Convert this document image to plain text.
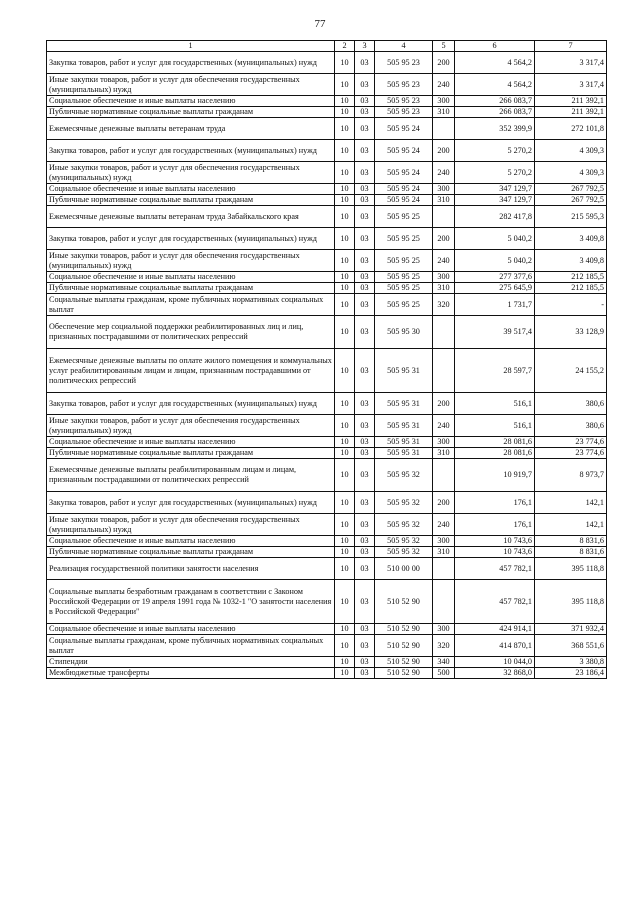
77
1	2	3	4	5	6	7
Закупка товаров, работ и услуг для государственных (муниципальных) нужд	10	03	505 95 23	200	4 564,2	3 317,4
Иные закупки товаров, работ и услуг для обеспечения государственных (муниципальных) нужд	10	03	505 95 23	240	4 564,2	3 317,4
Социальное обеспечение и иные выплаты населению	10	03	505 95 23	300	266 083,7	211 392,1
Публичные нормативные социальные выплаты гражданам	10	03	505 95 23	310	266 083,7	211 392,1
Ежемесячные денежные выплаты ветеранам труда	10	03	505 95 24		352 399,9	272 101,8
Закупка товаров, работ и услуг для государственных (муниципальных) нужд	10	03	505 95 24	200	5 270,2	4 309,3
Иные закупки товаров, работ и услуг для обеспечения государственных (муниципальных) нужд	10	03	505 95 24	240	5 270,2	4 309,3
Социальное обеспечение и иные выплаты населению	10	03	505 95 24	300	347 129,7	267 792,5
Публичные нормативные социальные выплаты гражданам	10	03	505 95 24	310	347 129,7	267 792,5
Ежемесячные денежные выплаты ветеранам труда Забайкальского края	10	03	505 95 25		282 417,8	215 595,3
Закупка товаров, работ и услуг для государственных (муниципальных) нужд	10	03	505 95 25	200	5 040,2	3 409,8
Иные закупки товаров, работ и услуг для обеспечения государственных (муниципальных) нужд	10	03	505 95 25	240	5 040,2	3 409,8
Социальное обеспечение и иные выплаты населению	10	03	505 95 25	300	277 377,6	212 185,5
Публичные нормативные социальные выплаты гражданам	10	03	505 95 25	310	275 645,9	212 185,5
Социальные выплаты гражданам, кроме публичных нормативных социальных выплат	10	03	505 95 25	320	1 731,7	-
Обеспечение мер социальной поддержки реабилитированных лиц и лиц, признанных пострадавшими от политических репрессий	10	03	505 95 30		39 517,4	33 128,9
Ежемесячные денежные выплаты по оплате жилого помещения и коммунальных услуг реабилитированным лицам и лицам, признанным пострадавшими от политических репрессий	10	03	505 95 31		28 597,7	24 155,2
Закупка товаров, работ и услуг для государственных (муниципальных) нужд	10	03	505 95 31	200	516,1	380,6
Иные закупки товаров, работ и услуг для обеспечения государственных (муниципальных) нужд	10	03	505 95 31	240	516,1	380,6
Социальное обеспечение и иные выплаты населению	10	03	505 95 31	300	28 081,6	23 774,6
Публичные нормативные социальные выплаты гражданам	10	03	505 95 31	310	28 081,6	23 774,6
Ежемесячные денежные выплаты реабилитированным лицам и лицам, признанным пострадавшими от политических репрессий	10	03	505 95 32		10 919,7	8 973,7
Закупка товаров, работ и услуг для государственных (муниципальных) нужд	10	03	505 95 32	200	176,1	142,1
Иные закупки товаров, работ и услуг для обеспечения государственных (муниципальных) нужд	10	03	505 95 32	240	176,1	142,1
Социальное обеспечение и иные выплаты населению	10	03	505 95 32	300	10 743,6	8 831,6
Публичные нормативные социальные выплаты гражданам	10	03	505 95 32	310	10 743,6	8 831,6
Реализация государственной политики занятости населения	10	03	510 00 00		457 782,1	395 118,8
Социальные выплаты безработным гражданам в соответствии с Законом Российской Федерации от 19 апреля 1991 года № 1032-1 "О занятости населения в Российской Федерации"	10	03	510 52 90		457 782,1	395 118,8
Социальное обеспечение и иные выплаты населению	10	03	510 52 90	300	424 914,1	371 932,4
Социальные выплаты гражданам, кроме публичных нормативных социальных выплат	10	03	510 52 90	320	414 870,1	368 551,6
Стипендии	10	03	510 52 90	340	10 044,0	3 380,8
Межбюджетные трансферты	10	03	510 52 90	500	32 868,0	23 186,4
